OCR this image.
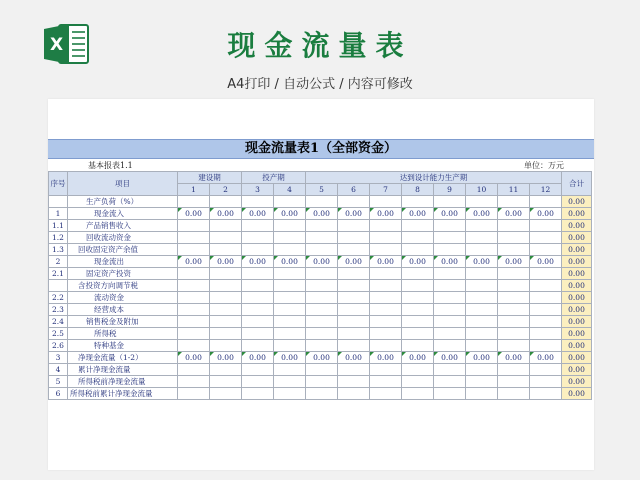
X	现金流量表
A4打印 / 自动公式 / 内容可修改
现金流量表1（全部资金）
基本报表1.1	单位：万元
序号	项目	建设期		投产期		达到设计能力生产期								合计
		1	2	3	4	5	6	7	8	9	10	11	12	
	生产负荷（%）													0.00
1	现金流入	0.00	0.00	0.00	0.00	0.00	0.00	0.00	0.00	0.00	0.00	0.00	0.00	0.00
1.1	产品销售收入													0.00
1.2	回收流动资金													0.00
1.3	回收固定资产余值													0.00
2	现金流出	0.00	0.00	0.00	0.00	0.00	0.00	0.00	0.00	0.00	0.00	0.00	0.00	0.00
2.1	固定资产投资													0.00
	含投资方向调节税													0.00
2.2	流动资金													0.00
2.3	经营成本													0.00
2.4	销售税金及附加													0.00
2.5	所得税													0.00
2.6	特种基金													0.00
3	净现金流量（1-2）	0.00	0.00	0.00	0.00	0.00	0.00	0.00	0.00	0.00	0.00	0.00	0.00	0.00
4	累计净现金流量													0.00
5	所得税前净现金流量													0.00
6	所得税前累计净现金流量													0.00
